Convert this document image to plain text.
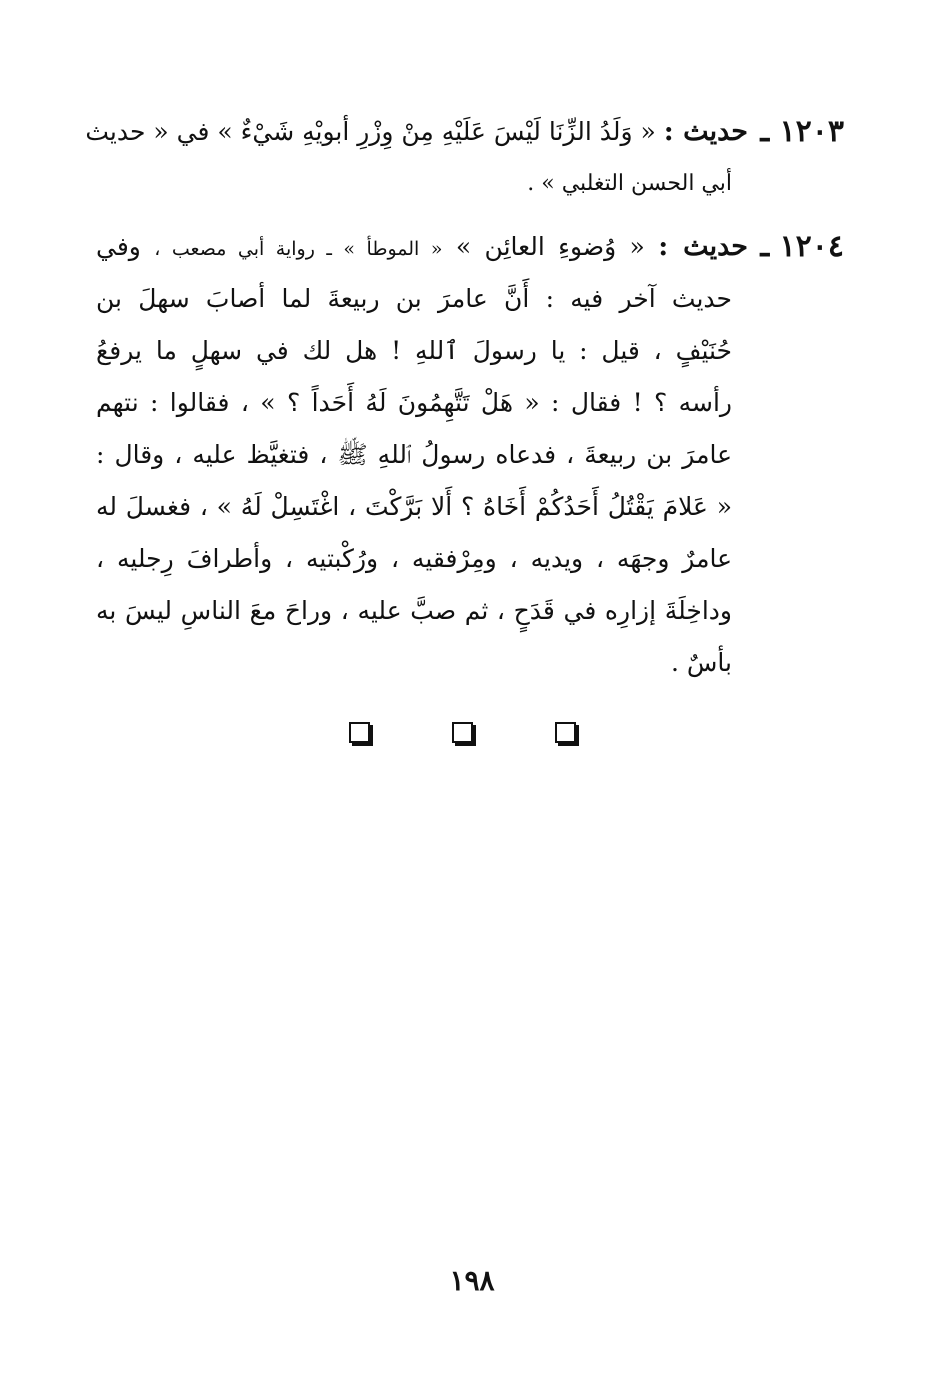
١٢٠٣ ـ
حديث : « وَلَدُ الزِّنَا لَيْسَ عَلَيْهِ مِنْ وِزْرِ أبويْهِ شَيْءٌ » في « حديث
أبي الحسن التغلبي » .
١٢٠٤ ـ
حديث : « وُضوءِ العائِن » « الموطأ » ـ رواية أبي مصعب ، وفي
حديث آخر فيه : أَنَّ عامرَ بن ربيعةَ لما أصابَ سهلَ بن
حُنَيْفٍ ، قيل : يا رسولَ ٱللهِ ! هل لك في سهلٍ ما يرفعُ
رأسه ؟ ! فقال : « هَلْ تَتَّهِمُونَ لَهُ أَحَداً ؟ » ، فقالوا : نتهم
عامرَ بن ربيعةَ ، فدعاه رسولُ ٱللهِ ﷺ ، فتغيَّظ عليه ، وقال :
« عَلامَ يَقْتُلُ أَحَدُكُمْ أَخَاهُ ؟ أَلا بَرَّكْتَ ، اغْتَسِلْ لَهُ » ، فغسلَ له
عامرٌ وجهَه ، ويديه ، ومِرْفقيه ، ورُكْبتيه ، وأطرافَ رِجليه ،
وداخِلَةَ إزارِه في قَدَحٍ ، ثم صبَّ عليه ، وراحَ معَ الناسِ ليسَ به
بأسٌ .
١٩٨
